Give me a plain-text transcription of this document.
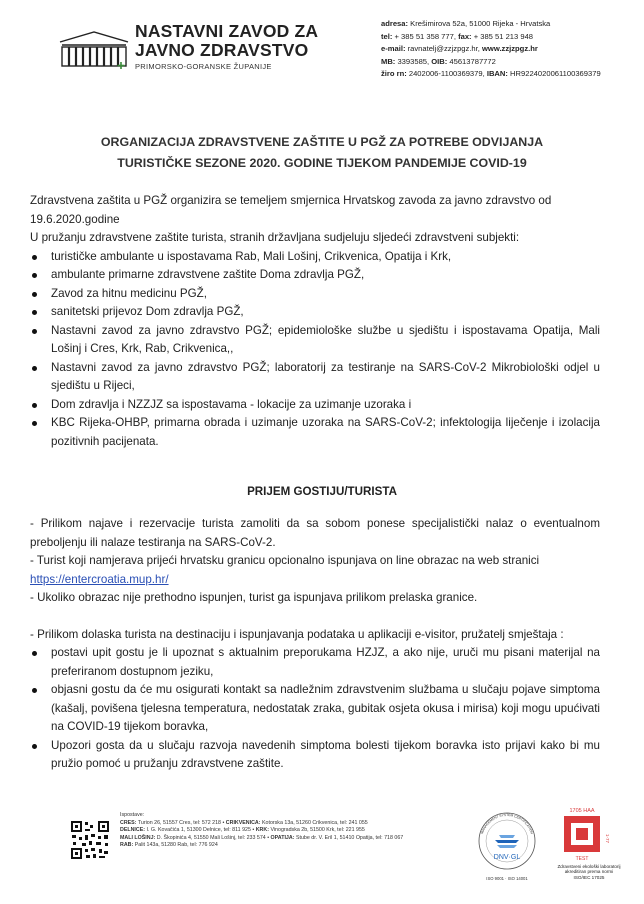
NASTAVNI ZAVOD ZA
JAVNO ZDRAVSTVO
PRIMORSKO-GORANSKE ŽUPANIJE
adresa: Krešimirova 52a, 51000 Rijeka - Hrvatska
tel: + 385 51 358 777, fax: + 385 51 213 948
e-mail: ravnatelj@zzjzpgz.hr, www.zzjzpgz.hr
MB: 3393585, OIB: 45613787772
žiro rn: 2402006-1100369379, IBAN: HR9224020061100369379
ORGANIZACIJA ZDRAVSTVENE ZAŠTITE U PGŽ ZA POTREBE ODVIJANJA
TURISTIČKE SEZONE 2020. GODINE TIJEKOM PANDEMIJE COVID-19
Zdravstvena zaštita u PGŽ organizira se temeljem smjernica Hrvatskog zavoda za javno zdravstvo od 19.6.2020.godine
U pružanju zdravstvene zaštite turista, stranih državljana sudjeluju sljedeći zdravstveni subjekti:
turističke ambulante u ispostavama Rab, Mali Lošinj, Crikvenica, Opatija i Krk,
ambulante primarne zdravstvene zaštite Doma zdravlja PGŽ,
Zavod za hitnu medicinu PGŽ,
sanitetski prijevoz Dom zdravlja PGŽ,
Nastavni zavod za javno zdravstvo PGŽ; epidemiološke službe u sjedištu i ispostavama Opatija, Mali Lošinj i Cres, Krk, Rab, Crikvenica,,
Nastavni zavod za javno zdravstvo PGŽ; laboratorij za testiranje na SARS-CoV-2 Mikrobiološki odjel u sjedištu u Rijeci,
Dom zdravlja i NZZJZ sa ispostavama - lokacije za uzimanje uzoraka i
KBC Rijeka-OHBP, primarna obrada i uzimanje uzoraka na SARS-CoV-2; infektologija liječenje i izolacija pozitivnih pacijenata.
PRIJEM GOSTIJU/TURISTA
- Prilikom najave i rezervacije turista zamoliti da sa sobom ponese specijalistički nalaz o eventualnom preboljenju ili nalaze testiranja na SARS-CoV-2.
- Turist koji namjerava prijeći hrvatsku granicu opcionalno ispunjava on line obrazac na web stranici
https://entercroatia.mup.hr/
- Ukoliko obrazac nije prethodno ispunjen, turist ga ispunjava prilikom prelaska granice.
- Prilikom dolaska turista na destinaciju i ispunjavanja podataka u aplikaciji e-visitor, pružatelj smještaja :
postavi upit gostu je li upoznat s aktualnim preporukama HZJZ, a ako nije, uruči mu pisani materijal na preferiranom dostupnom jeziku,
objasni gostu da će mu osigurati kontakt sa nadležnim zdravstvenim službama u slučaju pojave simptoma (kašalj, povišena tjelesna temperatura, nedostatak zraka, gubitak osjeta okusa i mirisa) koji mogu upućivati na COVID-19 tijekom boravka,
Upozori gosta da u slučaju razvoja navedenih simptoma bolesti tijekom boravka isto prijavi kako bi mu pružio pomoć u pružanju zdravstvene zaštite.
Ispostave:
CRES: Turion 26, 51557 Cres, tel: 572 218 • CRIKVENICA: Kotorska 13a, 51260 Crikvenica, tel: 241 055
DELNICE: I. G. Kovačića 1, 51300 Delnice, tel: 811 925 • KRK: Vinogradska 2b, 51500 Krk, tel: 221 955
MALI LOŠINJ: D. Škopinića 4, 51550 Mali Lošinj, tel: 233 574 • OPATIJA: Stube dr. V. Eril 1, 51410 Opatija, tel: 718 067
RAB: Palit 143a, 51280 Rab, tel: 776 924
MANAGEMENT SYSTEM CERTIFICATION
DNV·GL
ISO 9001 · ISO 14001
1705 HAA
1-77
TEST
Zdravstveni ekološki laboratorij akreditiran prema normi ISO/IEC 17025
